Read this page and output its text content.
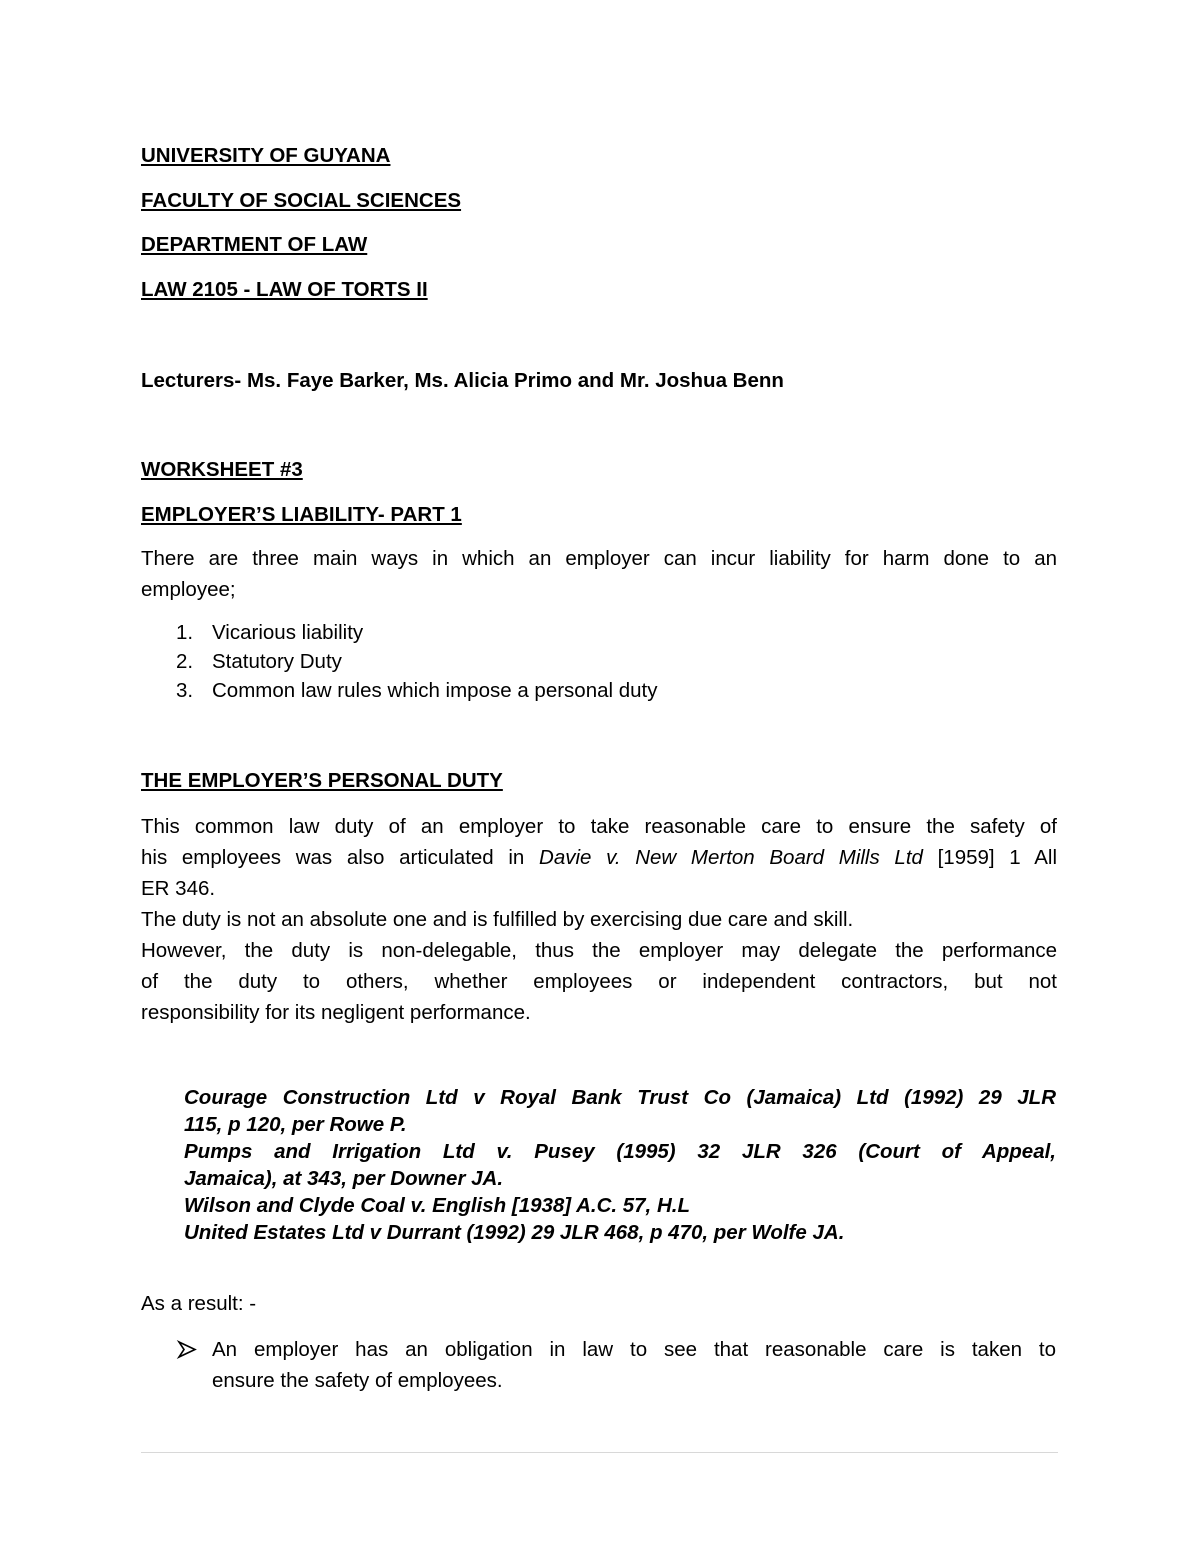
UNIVERSITY OF GUYANA
FACULTY OF SOCIAL SCIENCES
DEPARTMENT OF LAW
LAW 2105 - LAW OF TORTS II
Lecturers- Ms. Faye Barker, Ms. Alicia Primo and Mr. Joshua Benn
WORKSHEET #3
EMPLOYER’S LIABILITY- PART 1
There are three main ways in which an employer can incur liability for harm done to an
employee;
1. Vicarious liability
2. Statutory Duty
3. Common law rules which impose a personal duty
THE EMPLOYER’S PERSONAL DUTY
This common law duty of an employer to take reasonable care to ensure the safety of
his employees was also articulated in Davie v. New Merton Board Mills Ltd [1959] 1 All
ER 346.
The duty is not an absolute one and is fulfilled by exercising due care and skill.
However, the duty is non-delegable, thus the employer may delegate the performance
of the duty to others, whether employees or independent contractors, but not
responsibility for its negligent performance.
Courage Construction Ltd v Royal Bank Trust Co (Jamaica) Ltd (1992) 29 JLR
115, p 120, per Rowe P.
Pumps and Irrigation Ltd v. Pusey (1995) 32 JLR 326 (Court of Appeal,
Jamaica), at 343, per Downer JA.
Wilson and Clyde Coal v. English [1938] A.C. 57, H.L
United Estates Ltd v Durrant (1992) 29 JLR 468, p 470, per Wolfe JA.
As a result: -
An employer has an obligation in law to see that reasonable care is taken to
ensure the safety of employees.
